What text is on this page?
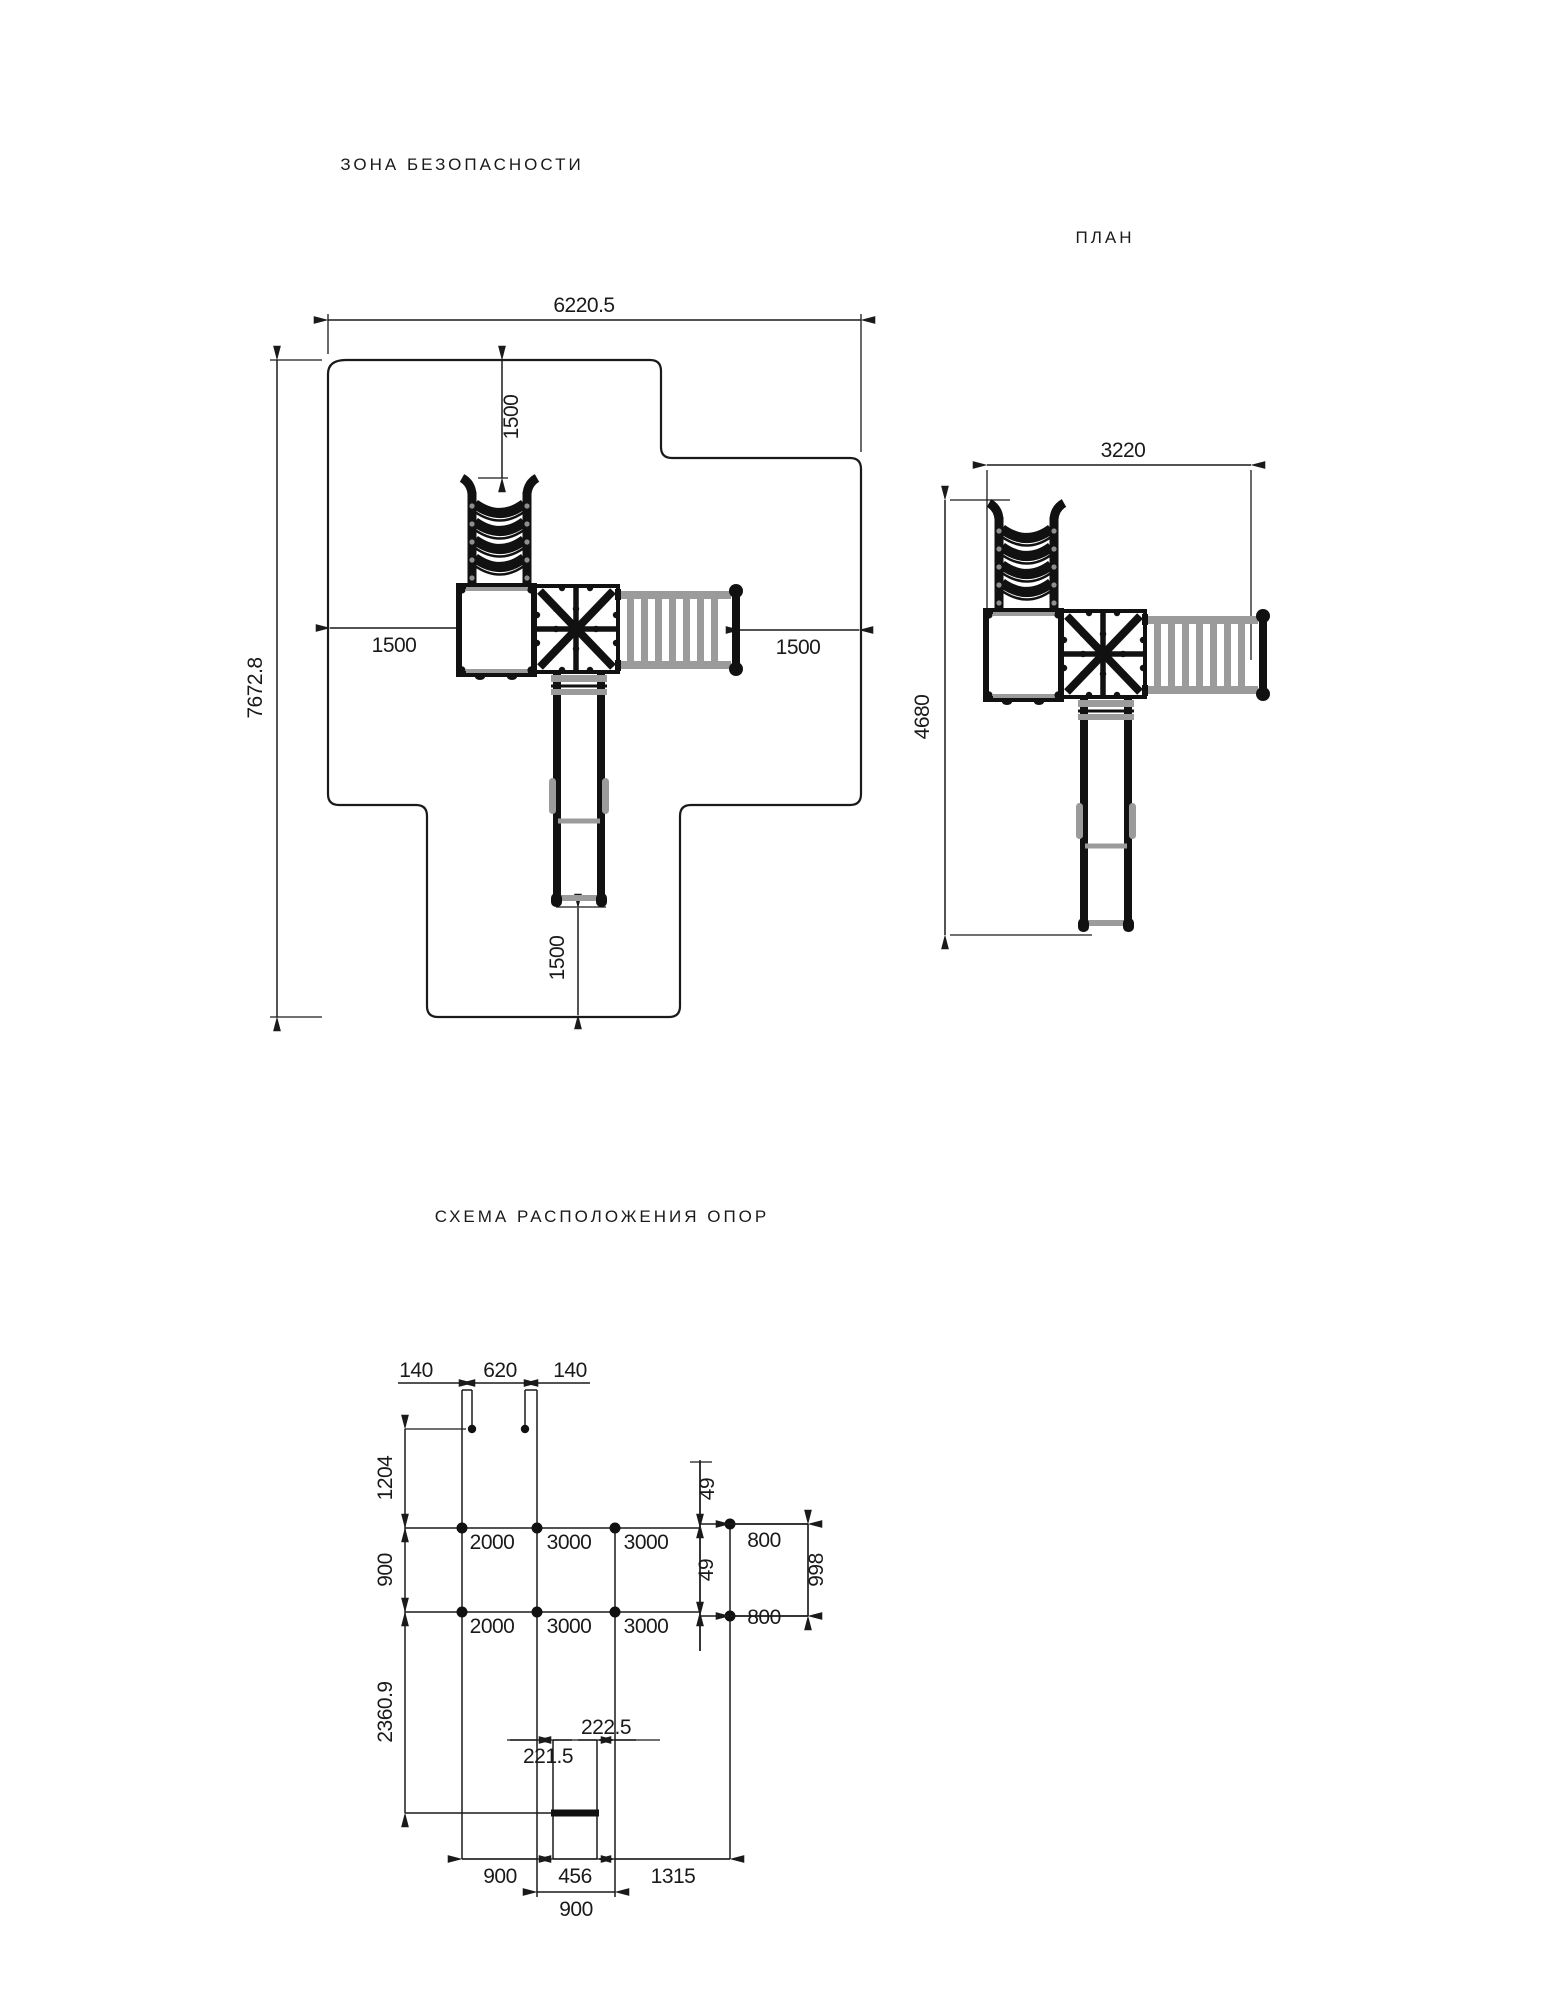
ЗОНА БЕЗОПАСНОСТИ
6220.5
7672.8
1500
1500	1500
1500
ПЛАН
3220
4680
СХЕМА РАСПОЛОЖЕНИЯ ОПОР
140 620 140
1204
900
2360.9
2000 3000 3000
2000 3000 3000
49
49
800
998
800
222.5
221.5
900 456	1315
900
